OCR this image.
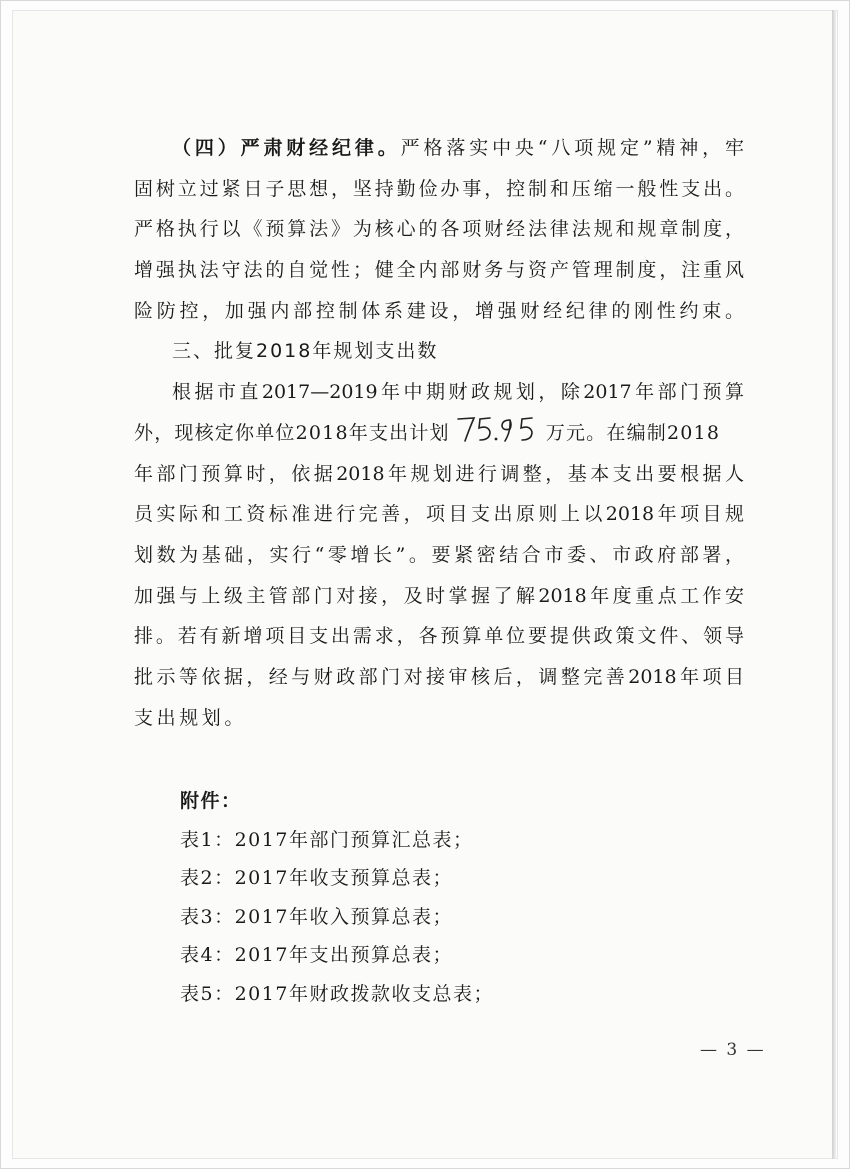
（四）严肃财经纪律。严格落实中央“八项规定”精神，牢
固树立过紧日子思想，坚持勤俭办事，控制和压缩一般性支出。
严格执行以《预算法》为核心的各项财经法律法规和规章制度，
增强执法守法的自觉性；健全内部财务与资产管理制度，注重风
险防控，加强内部控制体系建设，增强财经纪律的刚性约束。
三、批复2018年规划支出数
根据市直2017—2019年中期财政规划，除2017年部门预算
外，现核定你单位2018年支出计划	万元。在编制2018
年部门预算时，依据2018年规划进行调整，基本支出要根据人
员实际和工资标准进行完善，项目支出原则上以2018年项目规
划数为基础，实行“零增长”。要紧密结合市委、市政府部署，
加强与上级主管部门对接，及时掌握了解2018年度重点工作安
排。若有新增项目支出需求，各预算单位要提供政策文件、领导
批示等依据，经与财政部门对接审核后，调整完善2018年项目
支出规划。
附件：
表1：2017年部门预算汇总表；
表2：2017年收支预算总表；
表3：2017年收入预算总表；
表4：2017年支出预算总表；
表5：2017年财政拨款收支总表；
— 3 —
